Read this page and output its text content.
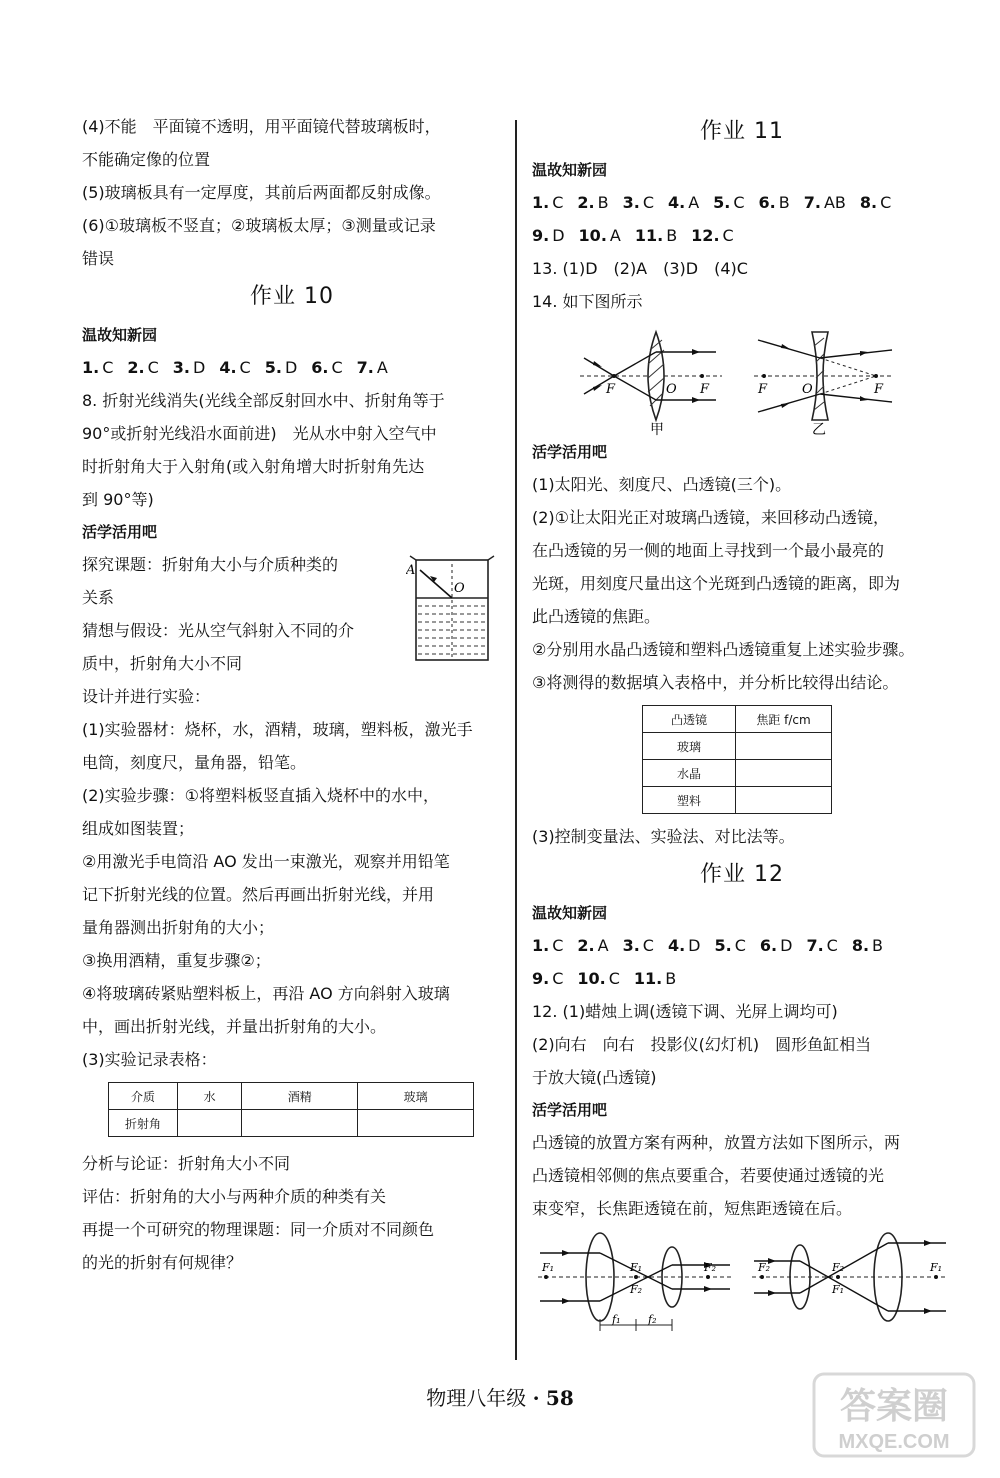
(4)不能　平面镜不透明，用平面镜代替玻璃板时，
不能确定像的位置
(5)玻璃板具有一定厚度，其前后两面都反射成像。
(6)①玻璃板不竖直；②玻璃板太厚；③测量或记录
错误
作业 10
温故知新园
1. C 2. C 3. D 4. C 5. D 6. C 7. A
8. 折射光线消失(光线全部反射回水中、折射角等于
90°或折射光线沿水面前进)　光从水中射入空气中
时折射角大于入射角(或入射角增大时折射角先达
到 90°等)
活学活用吧
探究课题：折射角大小与介质种类的
关系
猜想与假设：光从空气斜射入不同的介
质中，折射角大小不同
A
O
设计并进行实验：
(1)实验器材：烧杯，水，酒精，玻璃，塑料板，激光手
电筒，刻度尺，量角器，铅笔。
(2)实验步骤：①将塑料板竖直插入烧杯中的水中，
组成如图装置；
②用激光手电筒沿 AO 发出一束激光，观察并用铅笔
记下折射光线的位置。然后再画出折射光线，并用
量角器测出折射角的大小；
③换用酒精，重复步骤②；
④将玻璃砖紧贴塑料板上，再沿 AO 方向斜射入玻璃
中，画出折射光线，并量出折射角的大小。
(3)实验记录表格：
介质	水	酒精	玻璃
折射角			
分析与论证：折射角大小不同
评估：折射角的大小与两种介质的种类有关
再提一个可研究的物理课题：同一介质对不同颜色
的光的折射有何规律？
作业 11
温故知新园
1. C 2. B 3. C 4. A 5. C 6. B 7. AB 8. C
9. D 10. A 11. B 12. C
13. (1)D　(2)A　(3)D　(4)C
14. 如下图所示
F	O F
甲
F	O	F
乙
活学活用吧
(1)太阳光、刻度尺、凸透镜(三个)。
(2)①让太阳光正对玻璃凸透镜，来回移动凸透镜，
在凸透镜的另一侧的地面上寻找到一个最小最亮的
光斑，用刻度尺量出这个光斑到凸透镜的距离，即为
此凸透镜的焦距。
②分别用水晶凸透镜和塑料凸透镜重复上述实验步骤。
③将测得的数据填入表格中，并分析比较得出结论。
凸透镜	焦距 f/cm
玻璃	
水晶	
塑料	
(3)控制变量法、实验法、对比法等。
作业 12
温故知新园
1. C 2. A 3. C 4. D 5. C 6. D 7. C 8. B
9. C 10. C 11. B
12. (1)蜡烛上调(透镜下调、光屏上调均可)
(2)向右　向右　投影仪(幻灯机)　圆形鱼缸相当
于放大镜(凸透镜)
活学活用吧
凸透镜的放置方案有两种，放置方法如下图所示，两
凸透镜相邻侧的焦点要重合，若要使通过透镜的光
束变窄，长焦距透镜在前，短焦距透镜在后。
F₁	F₁
F₂
F₂
f₁	f₂
F₂	F₂
F₁
F₁
物理八年级 · 58	答案圈
MXQE.COM
